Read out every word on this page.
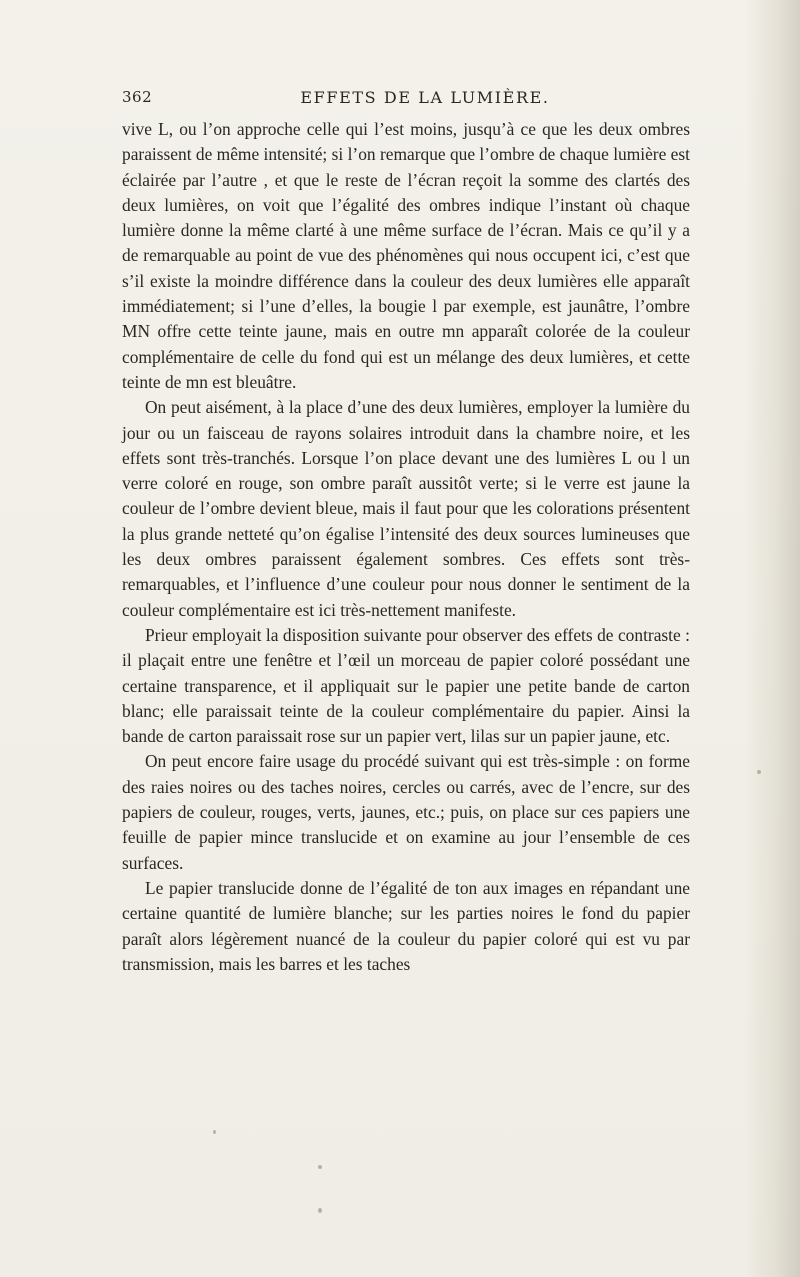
362	EFFETS DE LA LUMIÈRE.

vive L, ou l’on approche celle qui l’est moins, jusqu’à ce que les deux ombres paraissent de même intensité; si l’on remarque que l’ombre de chaque lumière est éclairée par l’autre , et que le reste de l’écran reçoit la somme des clartés des deux lumières, on voit que l’égalité des ombres indique l’instant où chaque lumière donne la même clarté à une même surface de l’écran. Mais ce qu’il y a de remarquable au point de vue des phénomènes qui nous occupent ici, c’est que s’il existe la moindre différence dans la couleur des deux lumières elle apparaît immédiatement; si l’une d’elles, la bougie l par exemple, est jaunâtre, l’ombre MN offre cette teinte jaune, mais en outre mn apparaît colorée de la couleur complémentaire de celle du fond qui est un mélange des deux lumières, et cette teinte de mn est bleuâtre.

On peut aisément, à la place d’une des deux lumières, employer la lumière du jour ou un faisceau de rayons solaires introduit dans la chambre noire, et les effets sont très-tranchés. Lorsque l’on place devant une des lumières L ou l un verre coloré en rouge, son ombre paraît aussitôt verte; si le verre est jaune la couleur de l’ombre devient bleue, mais il faut pour que les colorations présentent la plus grande netteté qu’on égalise l’intensité des deux sources lumineuses que les deux ombres paraissent également sombres. Ces effets sont très-remarquables, et l’influence d’une couleur pour nous donner le sentiment de la couleur complémentaire est ici très-nettement manifeste.

Prieur employait la disposition suivante pour observer des effets de contraste : il plaçait entre une fenêtre et l’œil un morceau de papier coloré possédant une certaine transparence, et il appliquait sur le papier une petite bande de carton blanc; elle paraissait teinte de la couleur complémentaire du papier. Ainsi la bande de carton paraissait rose sur un papier vert, lilas sur un papier jaune, etc.

On peut encore faire usage du procédé suivant qui est très-simple : on forme des raies noires ou des taches noires, cercles ou carrés, avec de l’encre, sur des papiers de couleur, rouges, verts, jaunes, etc.; puis, on place sur ces papiers une feuille de papier mince translucide et on examine au jour l’ensemble de ces surfaces.

Le papier translucide donne de l’égalité de ton aux images en répandant une certaine quantité de lumière blanche; sur les parties noires le fond du papier paraît alors légèrement nuancé de la couleur du papier coloré qui est vu par transmission, mais les barres et les taches
